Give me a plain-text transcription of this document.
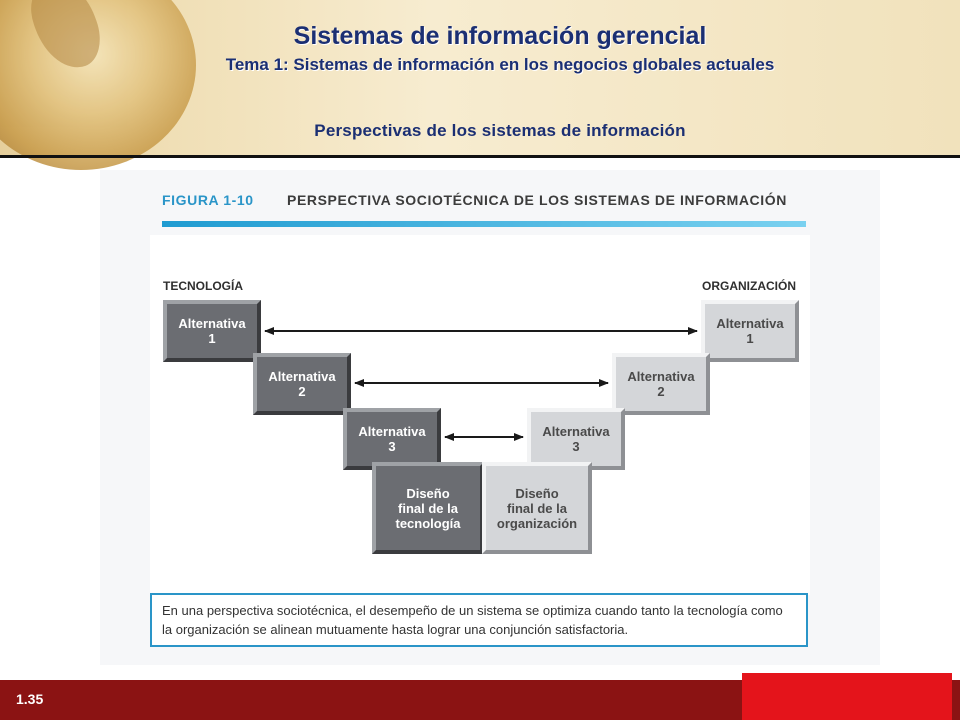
Sistemas de información gerencial
Tema 1: Sistemas de información en los negocios globales actuales
Perspectivas de los sistemas de información
FIGURA 1-10 PERSPECTIVA SOCIOTÉCNICA DE LOS SISTEMAS DE INFORMACIÓN
TECNOLOGÍA	ORGANIZACIÓN
Alternativa
1
Alternativa
2
Alternativa
3
Diseño
final de la
tecnología
Alternativa
1
Alternativa
2
Alternativa
3
Diseño
final de la
organización
En una perspectiva sociotécnica, el desempeño de un sistema se optimiza cuando tanto la tecnología como la organización se alinean mutuamente hasta lograr una conjunción satisfactoria.
1.35
